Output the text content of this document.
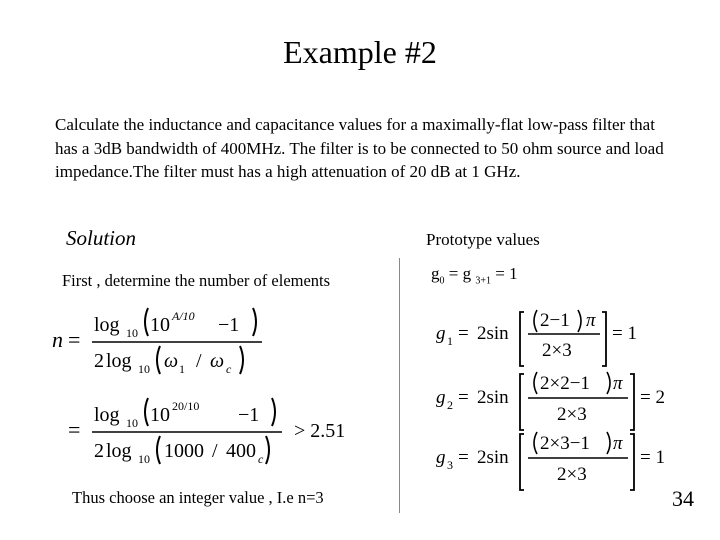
Example #2
Calculate the inductance and capacitance values for a maximally-flat low-pass filter that has a 3dB bandwidth of 400MHz. The filter is to be connected to 50 ohm source and load impedance.The filter must has a high attenuation of 20 dB at 1 GHz.
Solution	Prototype values
First , determine the number of elements	$g_0 = g$ $_{3+1}$ = 1
Thus choose an integer value , I.e n=3	34
n =
log 10 10 A/10 −1
2 log 10 ω 1 / ω c
=
log 10 10 20/10 −1
2 log 10 1000 / 400 c
> 2.51
g 1 = 2sin
2−1 π
2×3
= 1
g 2 = 2sin
2×2−1 π
2×3
= 2
g 3 = 2sin
2×3−1 π
2×3
= 1
